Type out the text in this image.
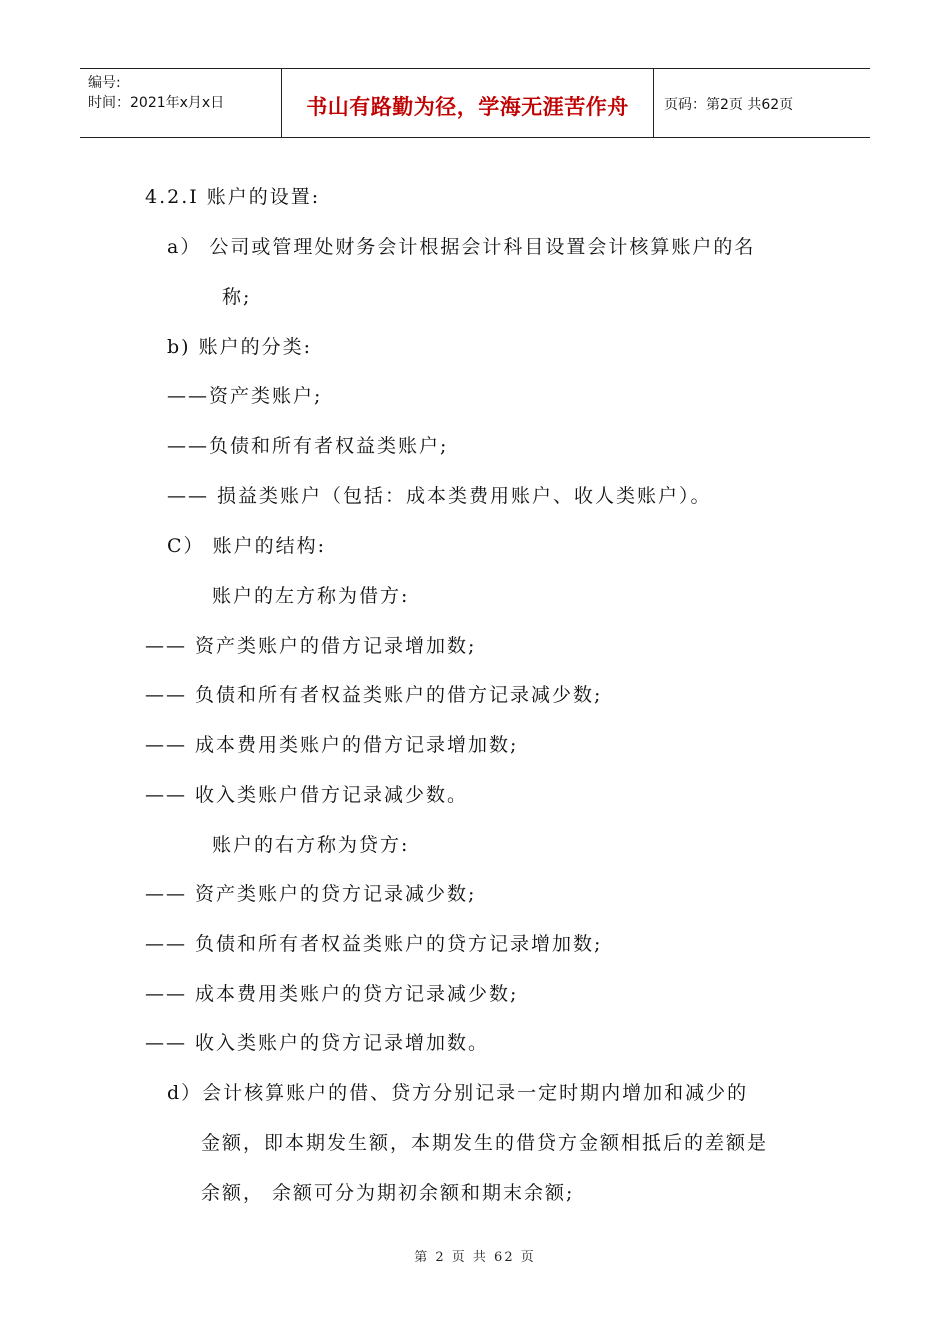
编号:
时间：2021年x月x日	书山有路勤为径，学海无涯苦作舟	页码：第2页 共62页
4.2.I 账户的设置:
a） 公司或管理处财务会计根据会计科目设置会计核算账户的名
称;
b) 账户的分类:
——资产类账户;
——负债和所有者权益类账户;
—— 损益类账户（包括：成本类费用账户、收人类账户）。
C） 账户的结构:
账户的左方称为借方:
—— 资产类账户的借方记录增加数;
—— 负债和所有者权益类账户的借方记录减少数;
—— 成本费用类账户的借方记录增加数;
—— 收入类账户借方记录减少数。
账户的右方称为贷方:
—— 资产类账户的贷方记录减少数;
—— 负债和所有者权益类账户的贷方记录增加数;
—— 成本费用类账户的贷方记录减少数;
—— 收入类账户的贷方记录增加数。
d）会计核算账户的借、贷方分别记录一定时期内增加和减少的
金额，即本期发生额，本期发生的借贷方金额相抵后的差额是
余额， 余额可分为期初余额和期末余额;
第 2 页 共 62 页
